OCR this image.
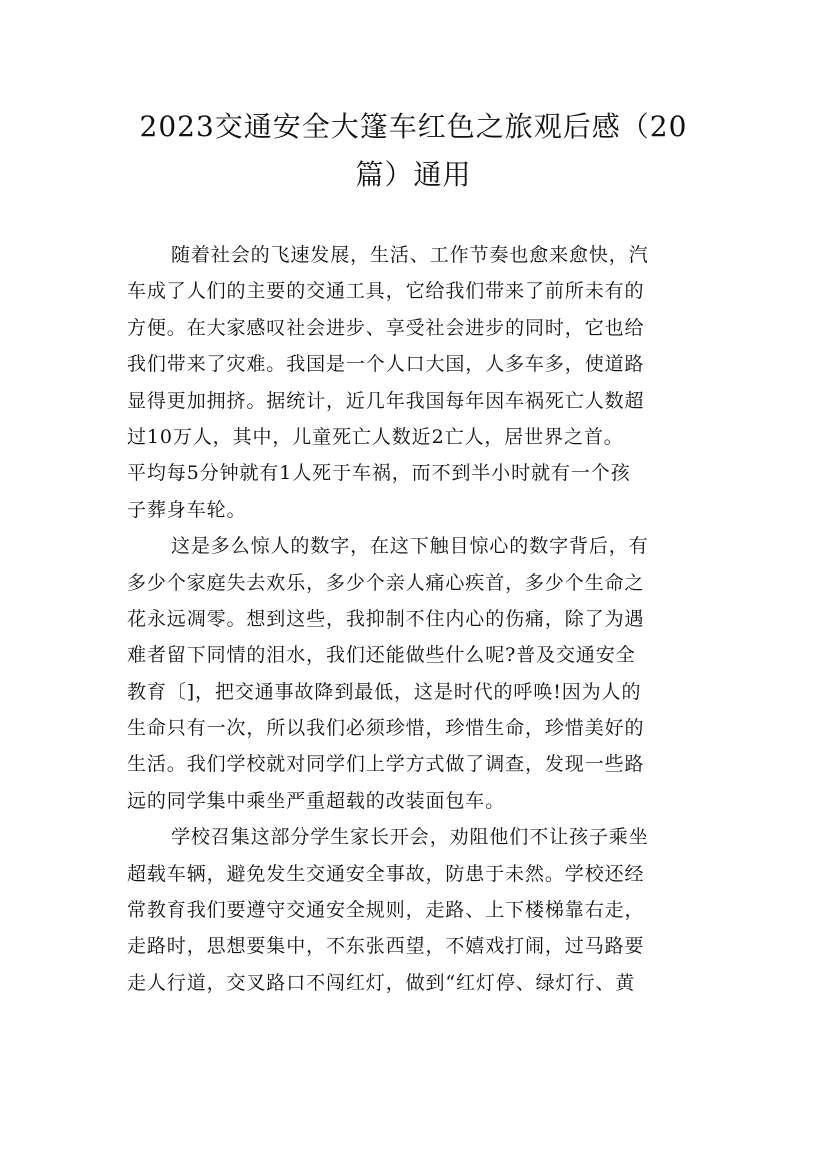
2023交通安全大篷车红色之旅观后感（20
篇）通用
随着社会的飞速发展，生活、工作节奏也愈来愈快，汽
车成了人们的主要的交通工具，它给我们带来了前所未有的
方便。在大家感叹社会进步、享受社会进步的同时，它也给
我们带来了灾难。我国是一个人口大国，人多车多，使道路
显得更加拥挤。据统计，近几年我国每年因车祸死亡人数超
过10万人，其中，儿童死亡人数近2亡人，居世界之首。
平均每5分钟就有1人死于车祸，而不到半小时就有一个孩
子葬身车轮。
这是多么惊人的数字，在这下触目惊心的数字背后，有
多少个家庭失去欢乐，多少个亲人痛心疾首，多少个生命之
花永远凋零。想到这些，我抑制不住内心的伤痛，除了为遇
难者留下同情的泪水，我们还能做些什么呢?普及交通安全
教育〔]，把交通事故降到最低，这是时代的呼唤!因为人的
生命只有一次，所以我们必须珍惜，珍惜生命，珍惜美好的
生活。我们学校就对同学们上学方式做了调查，发现一些路
远的同学集中乘坐严重超载的改装面包车。
学校召集这部分学生家长开会，劝阻他们不让孩子乘坐
超载车辆，避免发生交通安全事故，防患于未然。学校还经
常教育我们要遵守交通安全规则，走路、上下楼梯靠右走，
走路时，思想要集中，不东张西望，不嬉戏打闹，过马路要
走人行道，交叉路口不闯红灯，做到“红灯停、绿灯行、黄
